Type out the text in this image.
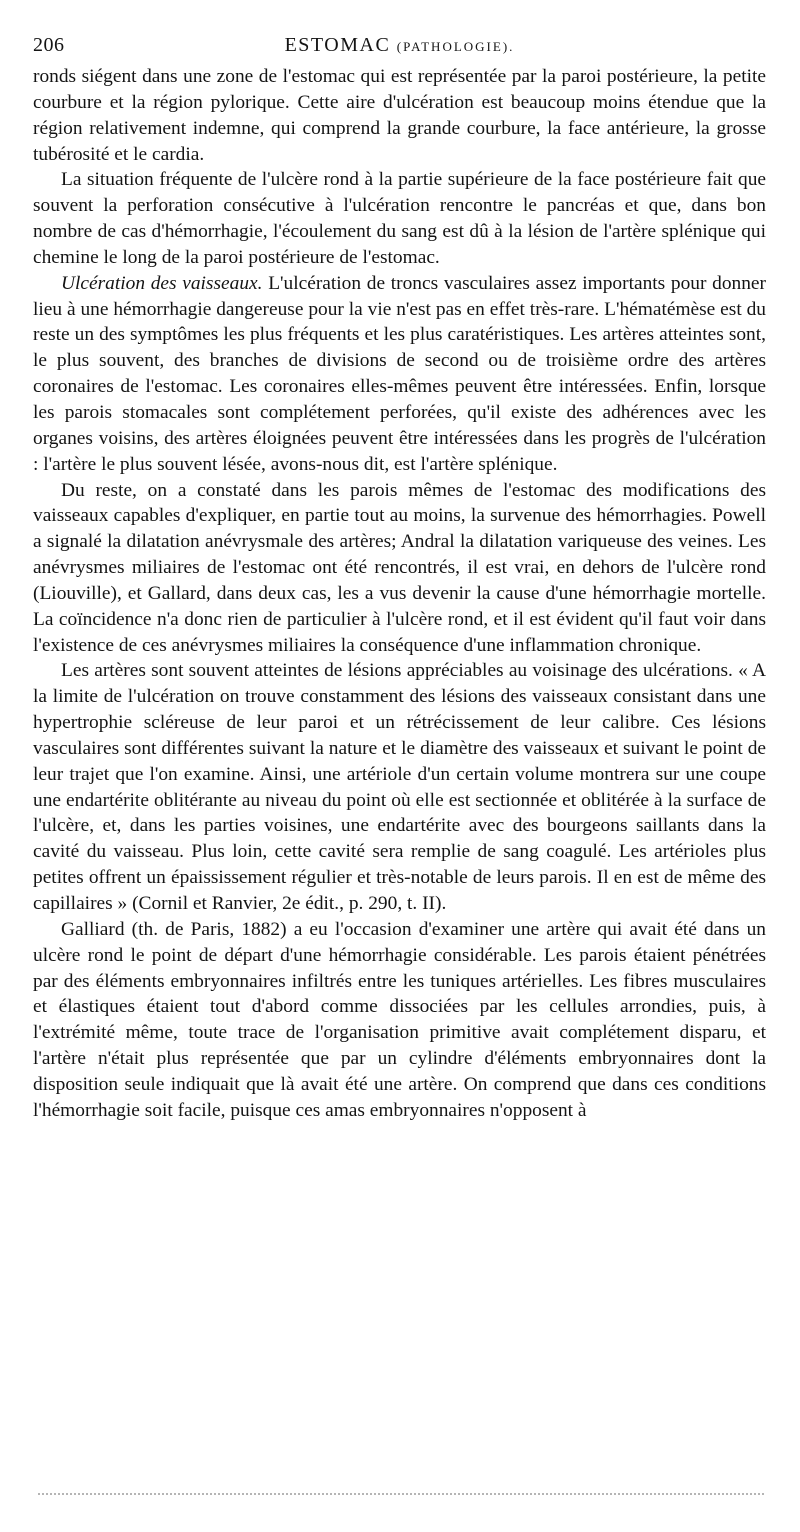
206	ESTOMAC (PATHOLOGIE).

ronds siégent dans une zone de l'estomac qui est représentée par la paroi postérieure, la petite courbure et la région pylorique. Cette aire d'ulcération est beaucoup moins étendue que la région relativement indemne, qui comprend la grande courbure, la face antérieure, la grosse tubérosité et le cardia.

La situation fréquente de l'ulcère rond à la partie supérieure de la face postérieure fait que souvent la perforation consécutive à l'ulcération rencontre le pancréas et que, dans bon nombre de cas d'hémorrhagie, l'écoulement du sang est dû à la lésion de l'artère splénique qui chemine le long de la paroi postérieure de l'estomac.

Ulcération des vaisseaux. L'ulcération de troncs vasculaires assez importants pour donner lieu à une hémorrhagie dangereuse pour la vie n'est pas en effet très-rare. L'hématémèse est du reste un des symptômes les plus fréquents et les plus caratéristiques. Les artères atteintes sont, le plus souvent, des branches de divisions de second ou de troisième ordre des artères coronaires de l'estomac. Les coronaires elles-mêmes peuvent être intéressées. Enfin, lorsque les parois stomacales sont complétement perforées, qu'il existe des adhérences avec les organes voisins, des artères éloignées peuvent être intéressées dans les progrès de l'ulcération : l'artère le plus souvent lésée, avons-nous dit, est l'artère splénique.

Du reste, on a constaté dans les parois mêmes de l'estomac des modifications des vaisseaux capables d'expliquer, en partie tout au moins, la survenue des hémorrhagies. Powell a signalé la dilatation anévrysmale des artères; Andral la dilatation variqueuse des veines. Les anévrysmes miliaires de l'estomac ont été rencontrés, il est vrai, en dehors de l'ulcère rond (Liouville), et Gallard, dans deux cas, les a vus devenir la cause d'une hémorrhagie mortelle. La coïncidence n'a donc rien de particulier à l'ulcère rond, et il est évident qu'il faut voir dans l'existence de ces anévrysmes miliaires la conséquence d'une inflammation chronique.

Les artères sont souvent atteintes de lésions appréciables au voisinage des ulcérations. « A la limite de l'ulcération on trouve constamment des lésions des vaisseaux consistant dans une hypertrophie scléreuse de leur paroi et un rétrécissement de leur calibre. Ces lésions vasculaires sont différentes suivant la nature et le diamètre des vaisseaux et suivant le point de leur trajet que l'on examine. Ainsi, une artériole d'un certain volume montrera sur une coupe une endartérite oblitérante au niveau du point où elle est sectionnée et oblitérée à la surface de l'ulcère, et, dans les parties voisines, une endartérite avec des bourgeons saillants dans la cavité du vaisseau. Plus loin, cette cavité sera remplie de sang coagulé. Les artérioles plus petites offrent un épaississement régulier et très-notable de leurs parois. Il en est de même des capillaires » (Cornil et Ranvier, 2e édit., p. 290, t. II).

Galliard (th. de Paris, 1882) a eu l'occasion d'examiner une artère qui avait été dans un ulcère rond le point de départ d'une hémorrhagie considérable. Les parois étaient pénétrées par des éléments embryonnaires infiltrés entre les tuniques artérielles. Les fibres musculaires et élastiques étaient tout d'abord comme dissociées par les cellules arrondies, puis, à l'extrémité même, toute trace de l'organisation primitive avait complétement disparu, et l'artère n'était plus représentée que par un cylindre d'éléments embryonnaires dont la disposition seule indiquait que là avait été une artère. On comprend que dans ces conditions l'hémorrhagie soit facile, puisque ces amas embryonnaires n'opposent à
